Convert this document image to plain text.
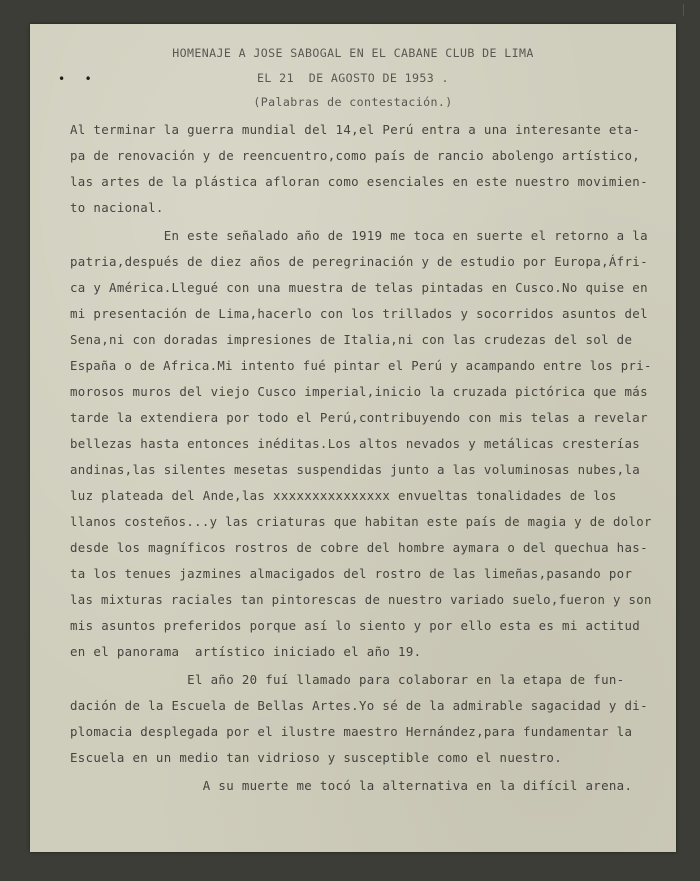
HOMENAJE A JOSE SABOGAL EN EL CABANE CLUB DE LIMA
EL 21  DE AGOSTO DE 1953 .
(Palabras de contestación.)
• •
Al terminar la guerra mundial del 14,el Perú entra a una interesante eta-
pa de renovación y de reencuentro,como país de rancio abolengo artístico,
las artes de la plástica afloran como esenciales en este nuestro movimien-
to nacional.
En este señalado año de 1919 me toca en suerte el retorno a la
patria,después de diez años de peregrinación y de estudio por Europa,Áfri-
ca y América.Llegué con una muestra de telas pintadas en Cusco.No quise en
mi presentación de Lima,hacerlo con los trillados y socorridos asuntos del
Sena,ni con doradas impresiones de Italia,ni con las crudezas del sol de
España o de Africa.Mi intento fué pintar el Perú y acampando entre los pri-
morosos muros del viejo Cusco imperial,inicio la cruzada pictórica que más
tarde la extendiera por todo el Perú,contribuyendo con mis telas a revelar
bellezas hasta entonces inéditas.Los altos nevados y metálicas cresterías
andinas,las silentes mesetas suspendidas junto a las voluminosas nubes,la
luz plateada del Ande,las xxxxxxxxxxxxxxx envueltas tonalidades de los
llanos costeños...y las criaturas que habitan este país de magia y de dolor
desde los magníficos rostros de cobre del hombre aymara o del quechua has-
ta los tenues jazmines almacigados del rostro de las limeñas,pasando por
las mixturas raciales tan pintorescas de nuestro variado suelo,fueron y son
mis asuntos preferidos porque así lo siento y por ello esta es mi actitud
en el panorama  artístico iniciado el año 19.
El año 20 fuí llamado para colaborar en la etapa de fun-
dación de la Escuela de Bellas Artes.Yo sé de la admirable sagacidad y di-
plomacia desplegada por el ilustre maestro Hernández,para fundamentar la
Escuela en un medio tan vidrioso y susceptible como el nuestro.
A su muerte me tocó la alternativa en la difícil arena.
